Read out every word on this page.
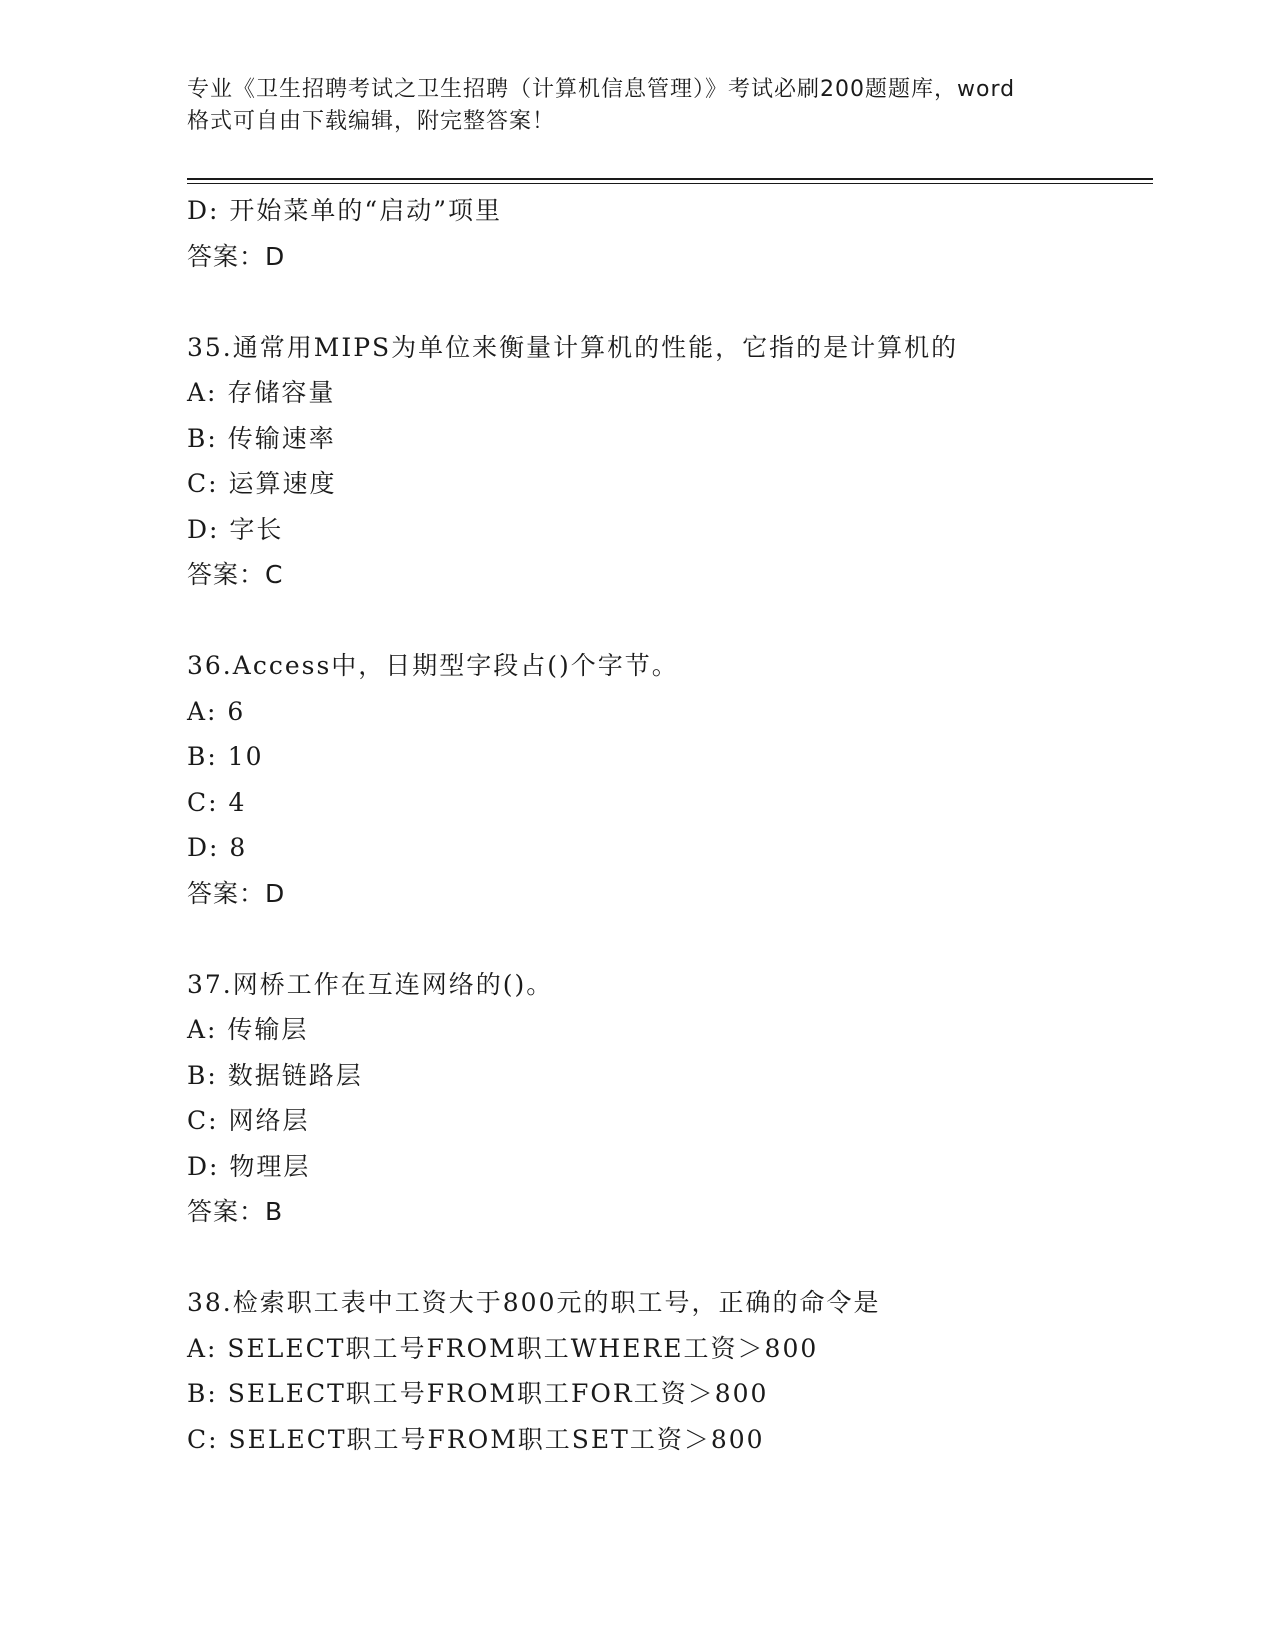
专业《卫生招聘考试之卫生招聘（计算机信息管理）》考试必刷200题题库，word
格式可自由下载编辑，附完整答案！
D: 开始菜单的“启动”项里
答案：D
35.通常用MIPS为单位来衡量计算机的性能，它指的是计算机的
A: 存储容量
B: 传输速率
C: 运算速度
D: 字长
答案：C
36.Access中，日期型字段占()个字节。
A: 6
B: 10
C: 4
D: 8
答案：D
37.网桥工作在互连网络的()。
A: 传输层
B: 数据链路层
C: 网络层
D: 物理层
答案：B
38.检索职工表中工资大于800元的职工号，正确的命令是
A: SELECT职工号FROM职工WHERE工资＞800
B: SELECT职工号FROM职工FOR工资＞800
C: SELECT职工号FROM职工SET工资＞800
